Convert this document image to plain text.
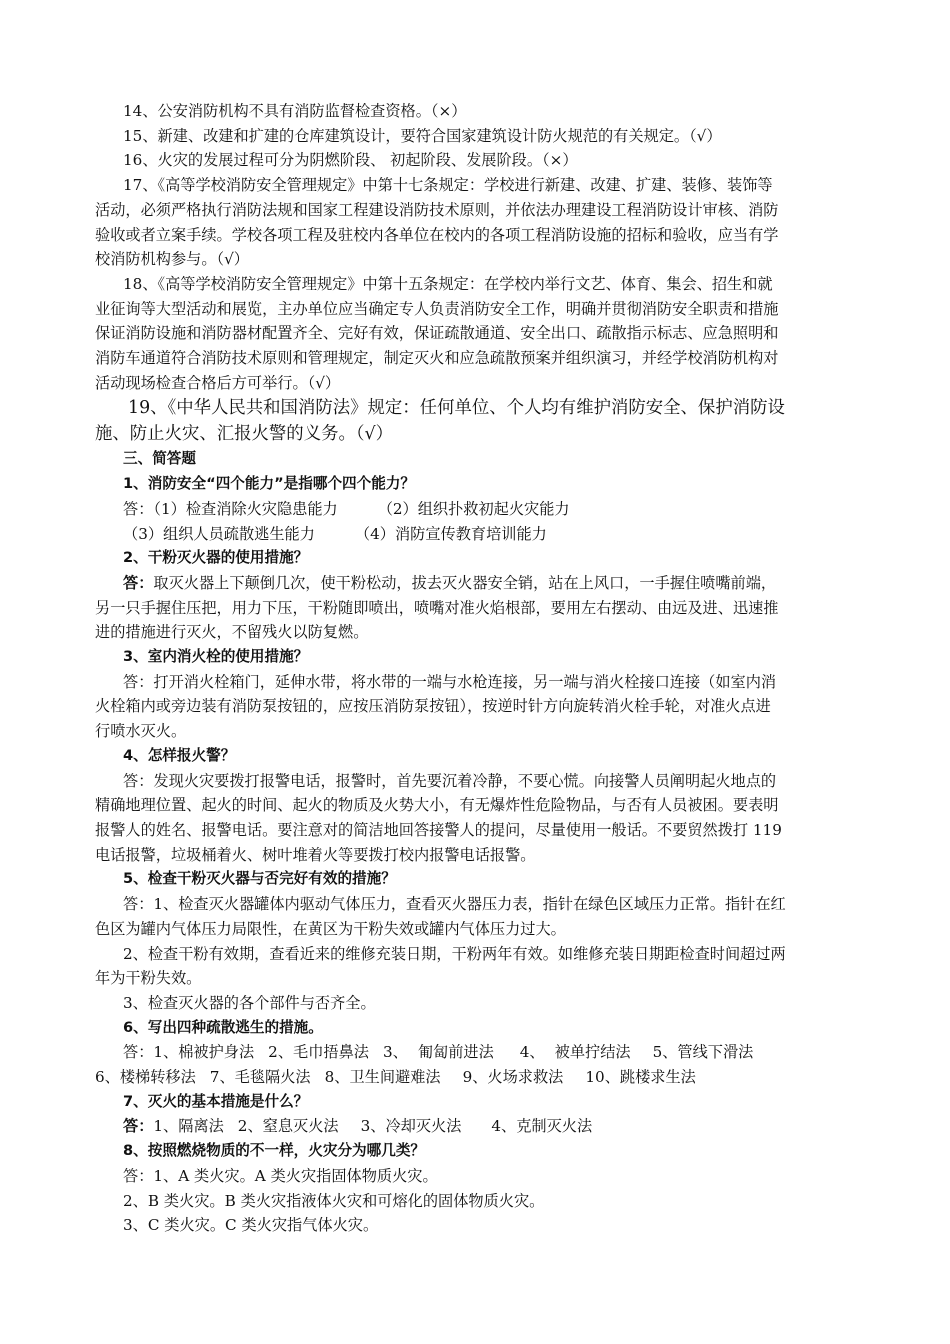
14、公安消防机构不具有消防监督检查资格。（×）

15、新建、改建和扩建的仓库建筑设计，要符合国家建筑设计防火规范的有关规定。（√）

16、火灾的发展过程可分为阴燃阶段、 初起阶段、发展阶段。（×）

17、《高等学校消防安全管理规定》中第十七条规定：学校进行新建、改建、扩建、装修、装饰等

活动，必须严格执行消防法规和国家工程建设消防技术原则，并依法办理建设工程消防设计审核、消防

验收或者立案手续。学校各项工程及驻校内各单位在校内的各项工程消防设施的招标和验收，应当有学

校消防机构参与。（√）

18、《高等学校消防安全管理规定》中第十五条规定：在学校内举行文艺、体育、集会、招生和就

业征询等大型活动和展览，主办单位应当确定专人负责消防安全工作，明确并贯彻消防安全职责和措施

保证消防设施和消防器材配置齐全、完好有效，保证疏散通道、安全出口、疏散指示标志、应急照明和

消防车通道符合消防技术原则和管理规定，制定灭火和应急疏散预案并组织演习，并经学校消防机构对

活动现场检查合格后方可举行。（√）

19、《中华人民共和国消防法》规定：任何单位、个人均有维护消防安全、保护消防设

施、防止火灾、汇报火警的义务。（√）

三、简答题

1、消防安全“四个能力”是指哪个四个能力？

答：（1）检查消除火灾隐患能力	（2）组织扑救初起火灾能力

（3）组织人员疏散逃生能力	（4）消防宣传教育培训能力

2、干粉灭火器的使用措施？

答：取灭火器上下颠倒几次，使干粉松动，拔去灭火器安全销，站在上风口，一手握住喷嘴前端，

另一只手握住压把，用力下压，干粉随即喷出，喷嘴对准火焰根部，要用左右摆动、由远及进、迅速推

进的措施进行灭火，不留残火以防复燃。

3、室内消火栓的使用措施？

答：打开消火栓箱门，延伸水带，将水带的一端与水枪连接，另一端与消火栓接口连接（如室内消

火栓箱内或旁边装有消防泵按钮的，应按压消防泵按钮），按逆时针方向旋转消火栓手轮，对准火点进

行喷水灭火。

4、怎样报火警？

答：发现火灾要拨打报警电话，报警时，首先要沉着冷静，不要心慌。向接警人员阐明起火地点的

精确地理位置、起火的时间、起火的物质及火势大小，有无爆炸性危险物品，与否有人员被困。要表明

报警人的姓名、报警电话。要注意对的简洁地回答接警人的提问，尽量使用一般话。不要贸然拨打 119

电话报警，垃圾桶着火、树叶堆着火等要拨打校内报警电话报警。

5、检查干粉灭火器与否完好有效的措施？

答：1、检查灭火器罐体内驱动气体压力，查看灭火器压力表，指针在绿色区域压力正常。指针在红

色区为罐内气体压力局限性，在黄区为干粉失效或罐内气体压力过大。

2、检查干粉有效期，查看近来的维修充装日期，干粉两年有效。如维修充装日期距检查时间超过两

年为干粉失效。

3、检查灭火器的各个部件与否齐全。

6、写出四种疏散逃生的措施。

答：1、棉被护身法 2、毛巾捂鼻法 3、 匍匐前进法 4、 被单拧结法 5、管线下滑法

6、楼梯转移法 7、毛毯隔火法 8、卫生间避难法 9、火场求救法 10、跳楼求生法

7、灭火的基本措施是什么？

答：1、隔离法 2、窒息灭火法 3、冷却灭火法 4、克制灭火法

8、按照燃烧物质的不一样，火灾分为哪几类？

答：1、A 类火灾。A 类火灾指固体物质火灾。

2、B 类火灾。B 类火灾指液体火灾和可熔化的固体物质火灾。

3、C 类火灾。C 类火灾指气体火灾。
